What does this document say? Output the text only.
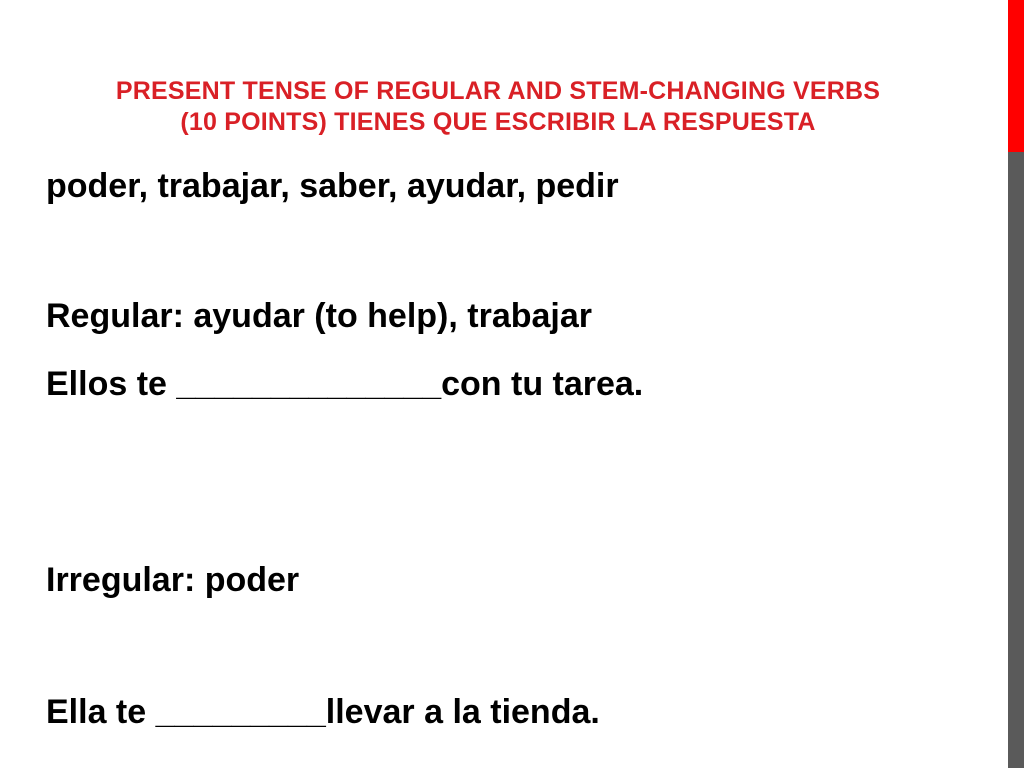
PRESENT TENSE OF REGULAR AND STEM-CHANGING VERBS
(10 POINTS) TIENES QUE ESCRIBIR LA RESPUESTA
poder, trabajar, saber, ayudar, pedir
Regular: ayudar (to help), trabajar
Ellos te ______________con tu tarea.
Irregular: poder
Ella te _________llevar a la tienda.
